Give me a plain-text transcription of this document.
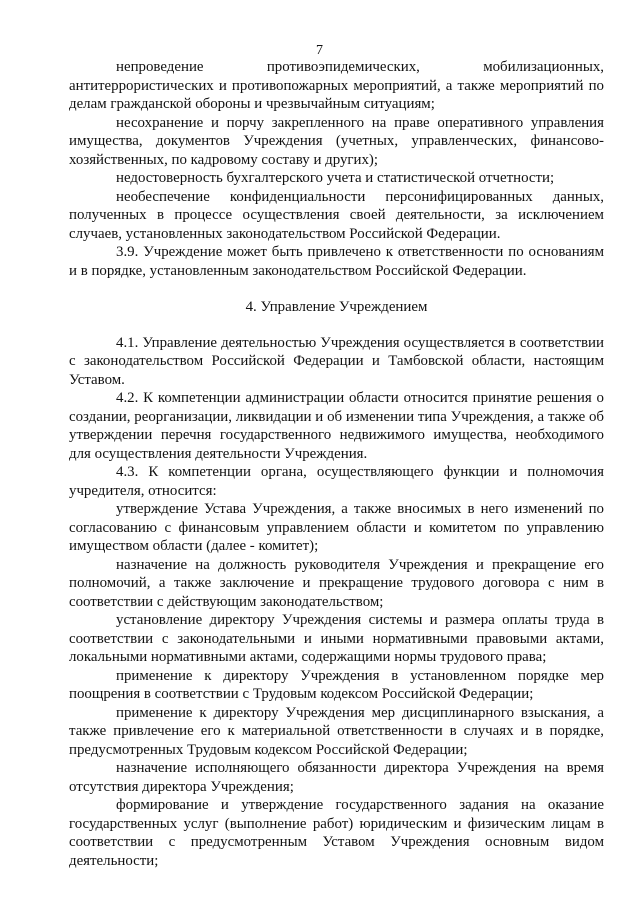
7

непроведение противоэпидемических, мобилизационных, антитеррористических и противопожарных мероприятий, а также мероприятий по делам гражданской обороны и чрезвычайным ситуациям;

несохранение и порчу закрепленного на праве оперативного управления имущества, документов Учреждения (учетных, управленческих, финансово-хозяйственных, по кадровому составу и других);

недостоверность бухгалтерского учета и статистической отчетности;

необеспечение конфиденциальности персонифицированных данных, полученных в процессе осуществления своей деятельности, за исключением случаев, установленных законодательством Российской Федерации.

3.9. Учреждение может быть привлечено к ответственности по основаниям и в порядке, установленным законодательством Российской Федерации.

4. Управление Учреждением

4.1. Управление деятельностью Учреждения осуществляется в соответствии с законодательством Российской Федерации и Тамбовской области, настоящим Уставом.

4.2. К компетенции администрации области относится принятие решения о создании, реорганизации, ликвидации и об изменении типа Учреждения, а также об утверждении перечня государственного недвижимого имущества, необходимого для осуществления деятельности Учреждения.

4.3. К компетенции органа, осуществляющего функции и полномочия учредителя, относится:

утверждение Устава Учреждения, а также вносимых в него изменений по согласованию с финансовым управлением области и комитетом по управлению имуществом области (далее - комитет);

назначение на должность руководителя Учреждения и прекращение его полномочий, а также заключение и прекращение трудового договора с ним в соответствии с действующим законодательством;

установление директору Учреждения системы и размера оплаты труда в соответствии с законодательными и иными нормативными правовыми актами, локальными нормативными актами, содержащими нормы трудового права;

применение к директору Учреждения в установленном порядке мер поощрения в соответствии с Трудовым кодексом Российской Федерации;

применение к директору Учреждения мер дисциплинарного взыскания, а также привлечение его к материальной ответственности в случаях и в порядке, предусмотренных Трудовым кодексом Российской Федерации;

назначение исполняющего обязанности директора Учреждения на время отсутствия директора Учреждения;

формирование и утверждение государственного задания на оказание государственных услуг (выполнение работ) юридическим и физическим лицам в соответствии с предусмотренным Уставом Учреждения основным видом деятельности;
